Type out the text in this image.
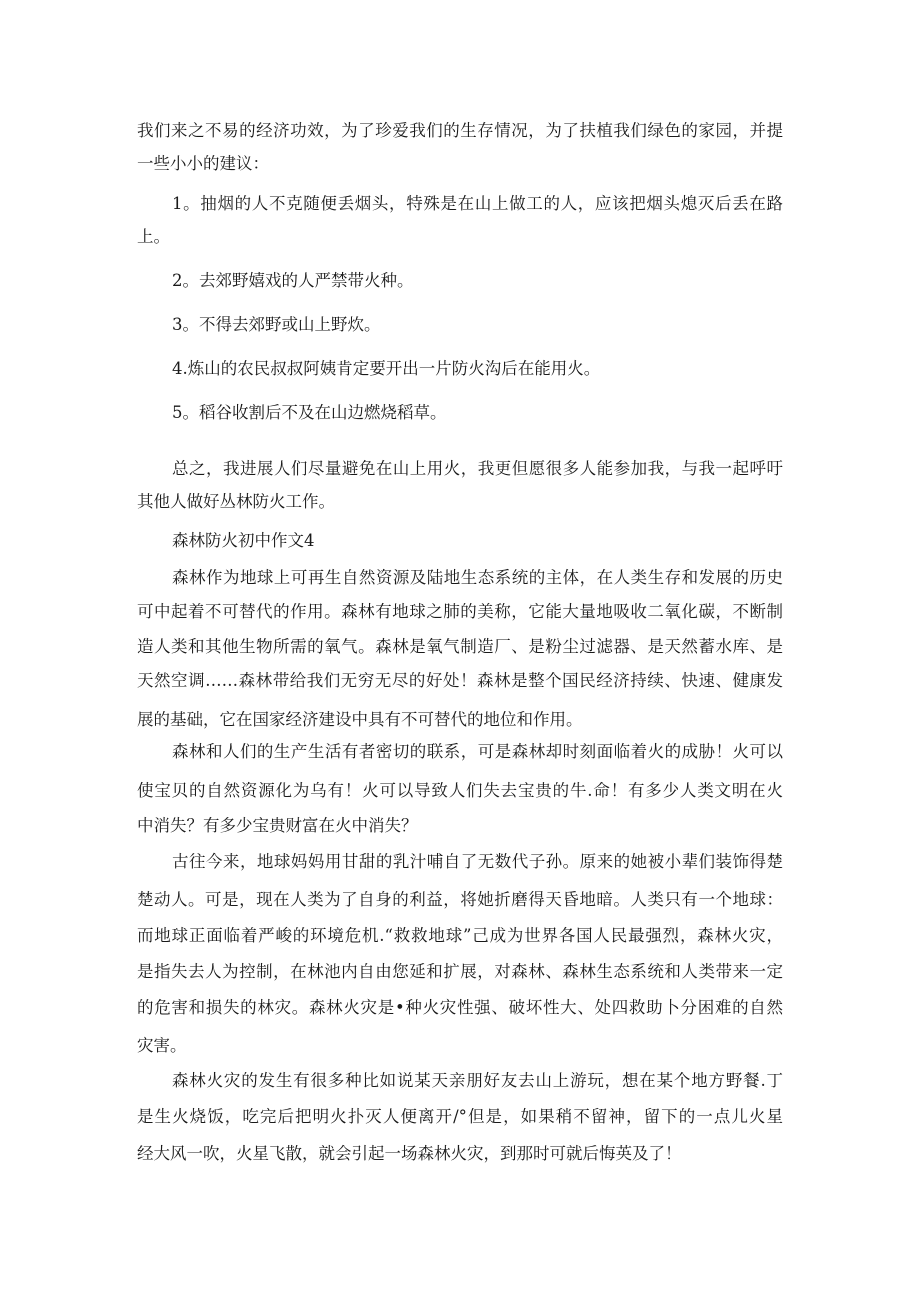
我们来之不易的经济功效，为了珍爱我们的生存情况，为了扶植我们绿色的家园，并提
一些小小的建议：
1。抽烟的人不克随便丢烟头，特殊是在山上做工的人，应该把烟头熄灭后丢在路
上。
2。去郊野嬉戏的人严禁带火种。
3。不得去郊野或山上野炊。
4.炼山的农民叔叔阿姨肯定要开出一片防火沟后在能用火。
5。稻谷收割后不及在山边燃烧稻草。
总之，我进展人们尽量避免在山上用火，我更但愿很多人能参加我，与我一起呼吁
其他人做好丛林防火工作。
森林防火初中作文4
森林作为地球上可再生自然资源及陆地生态系统的主体，在人类生存和发展的历史
可中起着不可替代的作用。森林有地球之肺的美称，它能大量地吸收二氧化碳，不断制
造人类和其他生物所需的氧气。森林是氧气制造厂、是粉尘过滤器、是天然蓄水库、是
天然空调……森林带给我们无穷无尽的好处！森林是整个国民经济持续、快速、健康发
展的基础，它在国家经济建设中具有不可替代的地位和作用。
森林和人们的生产生活有者密切的联系，可是森林却时刻面临着火的成胁！火可以
使宝贝的自然资源化为乌有！火可以导致人们失去宝贵的牛.命！有多少人类文明在火
中消失？有多少宝贵财富在火中消失？
古往今来，地球妈妈用甘甜的乳汁哺自了无数代子孙。原来的她被小辈们装饰得楚
楚动人。可是，现在人类为了自身的利益，将她折磨得天昏地暗。人类只有一个地球：
而地球正面临着严峻的环境危机.“救救地球”己成为世界各国人民最强烈，森林火灾，
是指失去人为控制，在林池内自由您延和扩展，对森林、森林生态系统和人类带来一定
的危害和损失的林灾。森林火灾是•种火灾性强、破坏性大、处四救助卜分困难的自然
灾害。
森林火灾的发生有很多种比如说某天亲朋好友去山上游玩，想在某个地方野餐.丁
是生火烧饭，吃完后把明火扑灭人便离开/°但是，如果稍不留神，留下的一点儿火星
经大风一吹，火星飞散，就会引起一场森林火灾，到那时可就后悔英及了！
